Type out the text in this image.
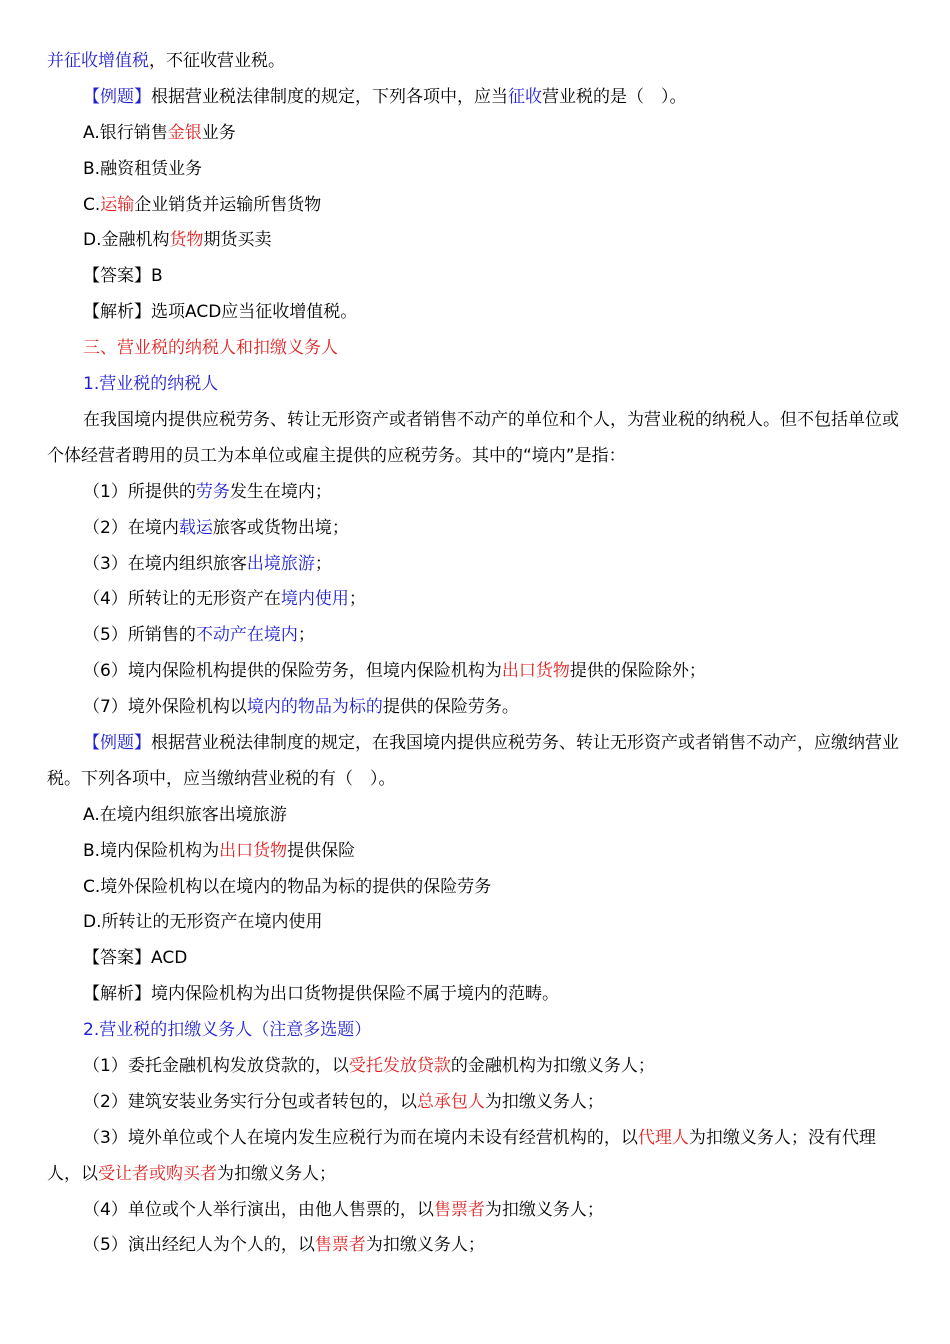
并征收增值税，不征收营业税。
【例题】根据营业税法律制度的规定，下列各项中，应当征收营业税的是（　）。
A.银行销售金银业务
B.融资租赁业务
C.运输企业销货并运输所售货物
D.金融机构货物期货买卖
【答案】B
【解析】选项ACD应当征收增值税。
三、营业税的纳税人和扣缴义务人
1.营业税的纳税人
在我国境内提供应税劳务、转让无形资产或者销售不动产的单位和个人，为营业税的纳税人。但不包括单位或个体经营者聘用的员工为本单位或雇主提供的应税劳务。其中的“境内”是指：
（1）所提供的劳务发生在境内；
（2）在境内载运旅客或货物出境；
（3）在境内组织旅客出境旅游；
（4）所转让的无形资产在境内使用；
（5）所销售的不动产在境内；
（6）境内保险机构提供的保险劳务，但境内保险机构为出口货物提供的保险除外；
（7）境外保险机构以境内的物品为标的提供的保险劳务。
【例题】根据营业税法律制度的规定，在我国境内提供应税劳务、转让无形资产或者销售不动产，应缴纳营业税。下列各项中，应当缴纳营业税的有（　）。
A.在境内组织旅客出境旅游
B.境内保险机构为出口货物提供保险
C.境外保险机构以在境内的物品为标的提供的保险劳务
D.所转让的无形资产在境内使用
【答案】ACD
【解析】境内保险机构为出口货物提供保险不属于境内的范畴。
2.营业税的扣缴义务人（注意多选题）
（1）委托金融机构发放贷款的，以受托发放贷款的金融机构为扣缴义务人；
（2）建筑安装业务实行分包或者转包的，以总承包人为扣缴义务人；
（3）境外单位或个人在境内发生应税行为而在境内未设有经营机构的，以代理人为扣缴义务人；没有代理人，以受让者或购买者为扣缴义务人；
（4）单位或个人举行演出，由他人售票的，以售票者为扣缴义务人；
（5）演出经纪人为个人的，以售票者为扣缴义务人；
